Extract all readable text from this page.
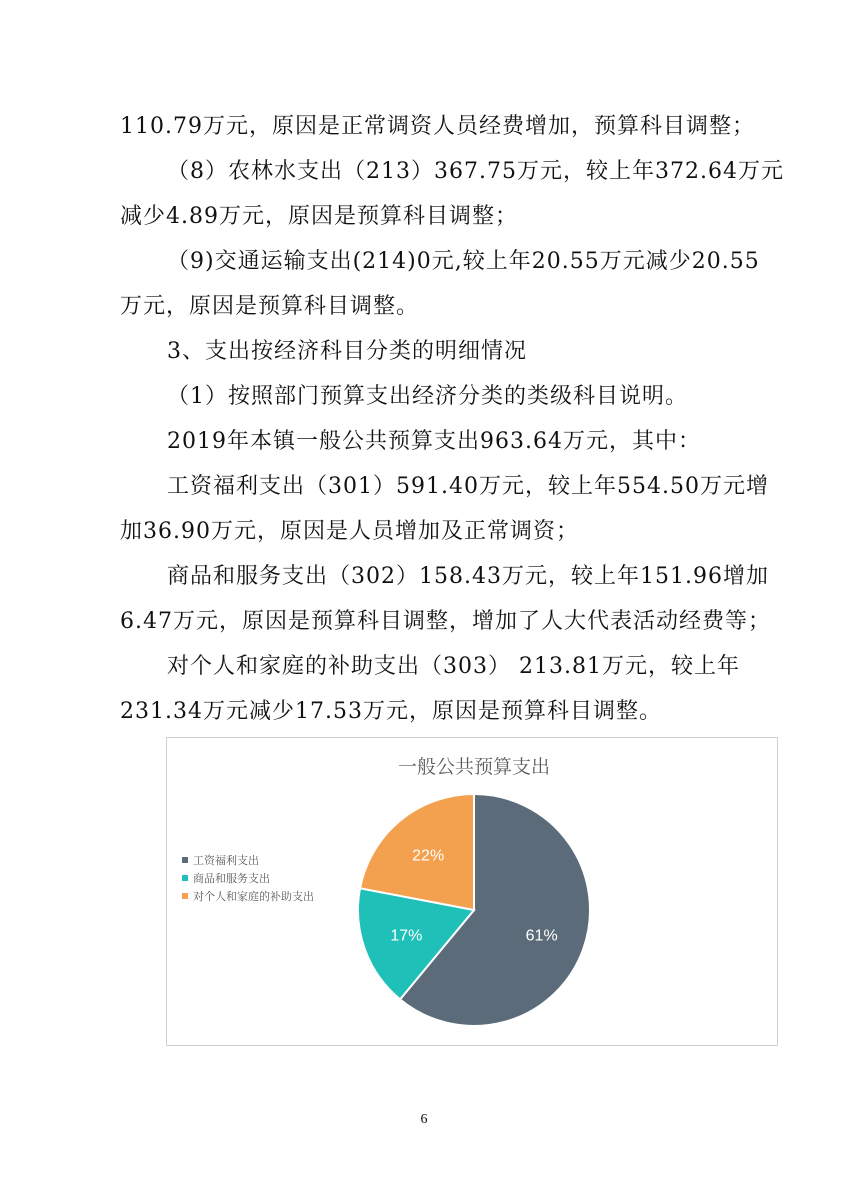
110.79万元，原因是正常调资人员经费增加，预算科目调整；
（8）农林水支出（213）367.75万元，较上年372.64万元
减少4.89万元，原因是预算科目调整；
（9)交通运输支出(214)0元,较上年20.55万元减少20.55
万元，原因是预算科目调整。
3、支出按经济科目分类的明细情况
（1）按照部门预算支出经济分类的类级科目说明。
2019年本镇一般公共预算支出963.64万元，其中：
工资福利支出（301）591.40万元，较上年554.50万元增
加36.90万元，原因是人员增加及正常调资；
商品和服务支出（302）158.43万元，较上年151.96增加
6.47万元，原因是预算科目调整，增加了人大代表活动经费等；
对个人和家庭的补助支出（303） 213.81万元，较上年
231.34万元减少17.53万元，原因是预算科目调整。
一般公共预算支出
61%
17%
22%
工资福利支出
商品和服务支出
对个人和家庭的补助支出
6
